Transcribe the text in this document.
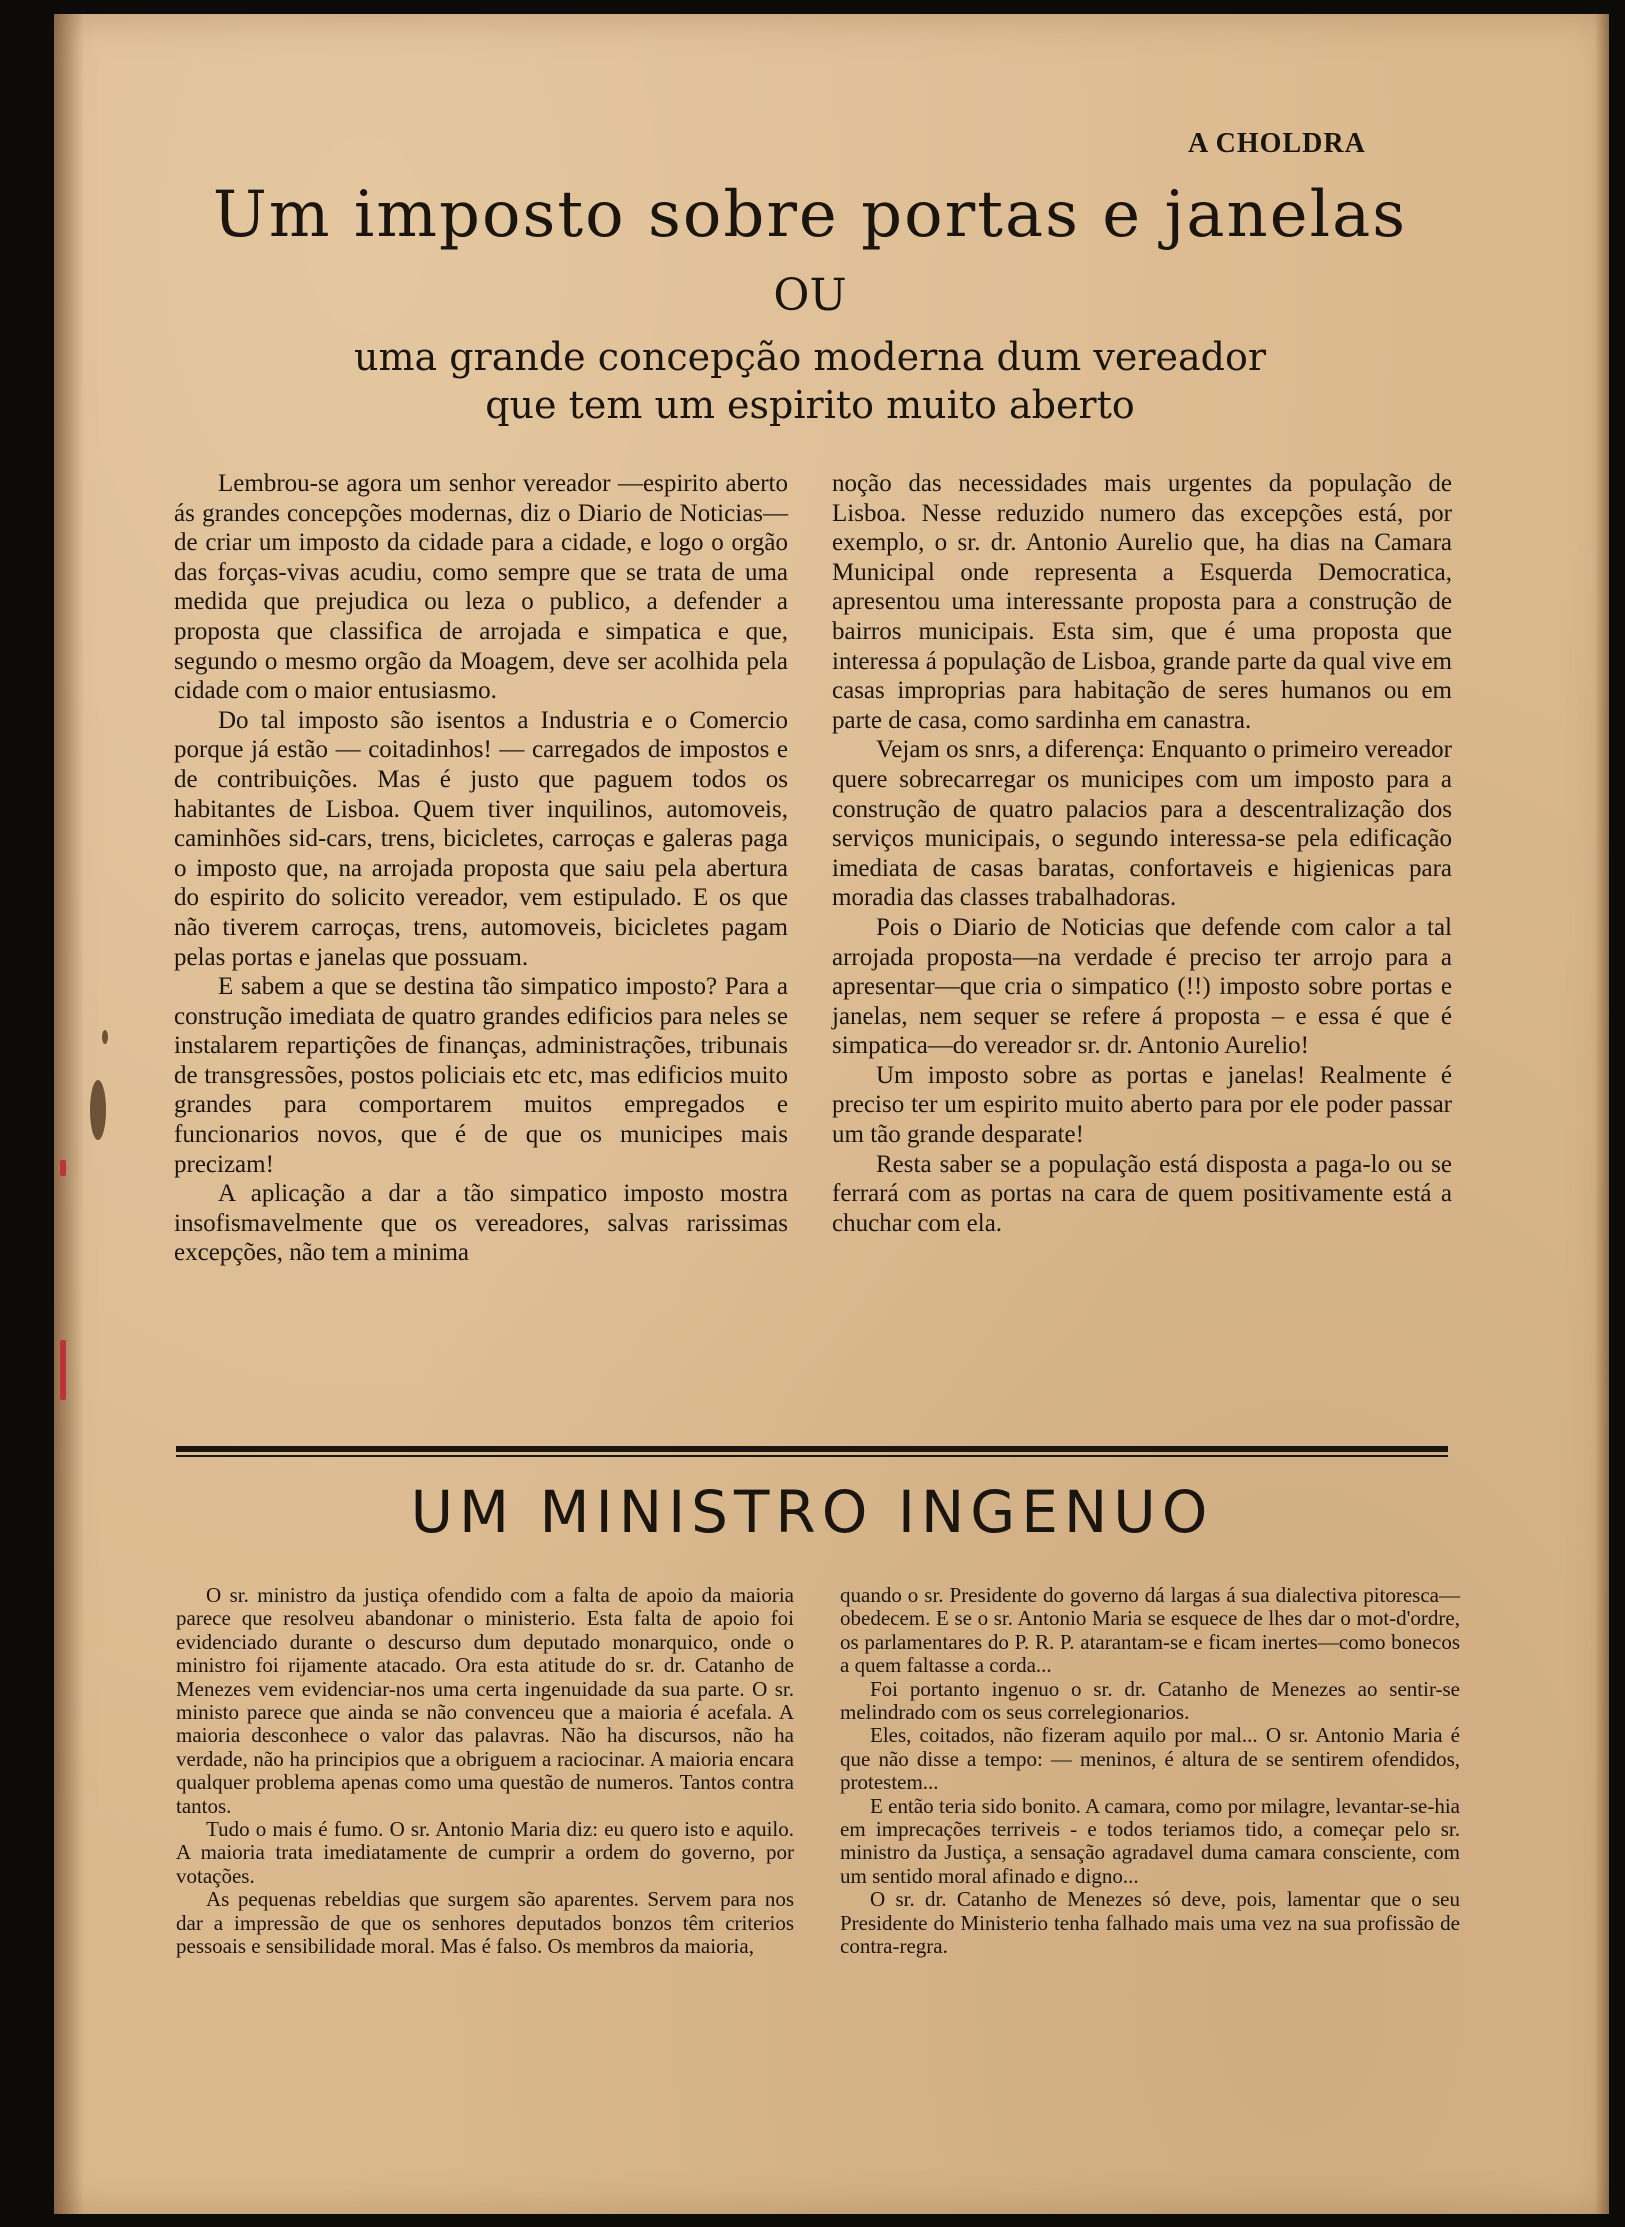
A CHOLDRA
Um imposto sobre portas e janelas
OU
uma grande concepção moderna dum vereador
que tem um espirito muito aberto

Lembrou-se agora um senhor vereador —espirito aberto ás grandes concepções modernas, diz o Diario de Noticias—de criar um imposto da cidade para a cidade, e logo o orgão das forças-vivas acudiu, como sempre que se trata de uma medida que prejudica ou leza o publico, a defender a proposta que classifica de arrojada e simpatica e que, segundo o mesmo orgão da Moagem, deve ser acolhida pela cidade com o maior entusiasmo.

Do tal imposto são isentos a Industria e o Comercio porque já estão — coitadinhos! — carregados de impostos e de contribuições. Mas é justo que paguem todos os habitantes de Lisboa. Quem tiver inquilinos, automoveis, caminhões sid-cars, trens, bicicletes, carroças e galeras paga o imposto que, na arrojada proposta que saiu pela abertura do espirito do solicito vereador, vem estipulado. E os que não tiverem carroças, trens, automoveis, bicicletes pagam pelas portas e janelas que possuam.

E sabem a que se destina tão simpatico imposto? Para a construção imediata de quatro grandes edificios para neles se instalarem repartições de finanças, administrações, tribunais de transgressões, postos policiais etc etc, mas edificios muito grandes para comportarem muitos empregados e funcionarios novos, que é de que os municipes mais precizam!

A aplicação a dar a tão simpatico imposto mostra insofismavelmente que os vereadores, salvas rarissimas excepções, não tem a minima

noção das necessidades mais urgentes da população de Lisboa. Nesse reduzido numero das excepções está, por exemplo, o sr. dr. Antonio Aurelio que, ha dias na Camara Municipal onde representa a Esquerda Democratica, apresentou uma interessante proposta para a construção de bairros municipais. Esta sim, que é uma proposta que interessa á população de Lisboa, grande parte da qual vive em casas improprias para habitação de seres humanos ou em parte de casa, como sardinha em canastra.

Vejam os snrs, a diferença: Enquanto o primeiro vereador quere sobrecarregar os municipes com um imposto para a construção de quatro palacios para a descentralização dos serviços municipais, o segundo interessa-se pela edificação imediata de casas baratas, confortaveis e higienicas para moradia das classes trabalhadoras.

Pois o Diario de Noticias que defende com calor a tal arrojada proposta—na verdade é preciso ter arrojo para a apresentar—que cria o simpatico (!!) imposto sobre portas e janelas, nem sequer se refere á proposta – e essa é que é simpatica—do vereador sr. dr. Antonio Aurelio!

Um imposto sobre as portas e janelas! Realmente é preciso ter um espirito muito aberto para por ele poder passar um tão grande desparate!

Resta saber se a população está disposta a paga-lo ou se ferrará com as portas na cara de quem positivamente está a chuchar com ela.

UM MINISTRO INGENUO

O sr. ministro da justiça ofendido com a falta de apoio da maioria parece que resolveu abandonar o ministerio. Esta falta de apoio foi evidenciado durante o descurso dum deputado monarquico, onde o ministro foi rijamente atacado. Ora esta atitude do sr. dr. Catanho de Menezes vem evidenciar-nos uma certa ingenuidade da sua parte. O sr. ministo parece que ainda se não convenceu que a maioria é acefala. A maioria desconhece o valor das palavras. Não ha discursos, não ha verdade, não ha principios que a obriguem a raciocinar. A maioria encara qualquer problema apenas como uma questão de numeros. Tantos contra tantos.

Tudo o mais é fumo. O sr. Antonio Maria diz: eu quero isto e aquilo. A maioria trata imediatamente de cumprir a ordem do governo, por votações.

As pequenas rebeldias que surgem são aparentes. Servem para nos dar a impressão de que os senhores deputados bonzos têm criterios pessoais e sensibilidade moral. Mas é falso. Os membros da maioria,

quando o sr. Presidente do governo dá largas á sua dialectiva pitoresca—obedecem. E se o sr. Antonio Maria se esquece de lhes dar o mot-d'ordre, os parlamentares do P. R. P. atarantam-se e ficam inertes—como bonecos a quem faltasse a corda...

Foi portanto ingenuo o sr. dr. Catanho de Menezes ao sentir-se melindrado com os seus correlegionarios.

Eles, coitados, não fizeram aquilo por mal... O sr. Antonio Maria é que não disse a tempo: — meninos, é altura de se sentirem ofendidos, protestem...

E então teria sido bonito. A camara, como por milagre, levantar-se-hia em imprecações terriveis - e todos teriamos tido, a começar pelo sr. ministro da Justiça, a sensação agradavel duma camara consciente, com um sentido moral afinado e digno...

O sr. dr. Catanho de Menezes só deve, pois, lamentar que o seu Presidente do Ministerio tenha falhado mais uma vez na sua profissão de contra-regra.
